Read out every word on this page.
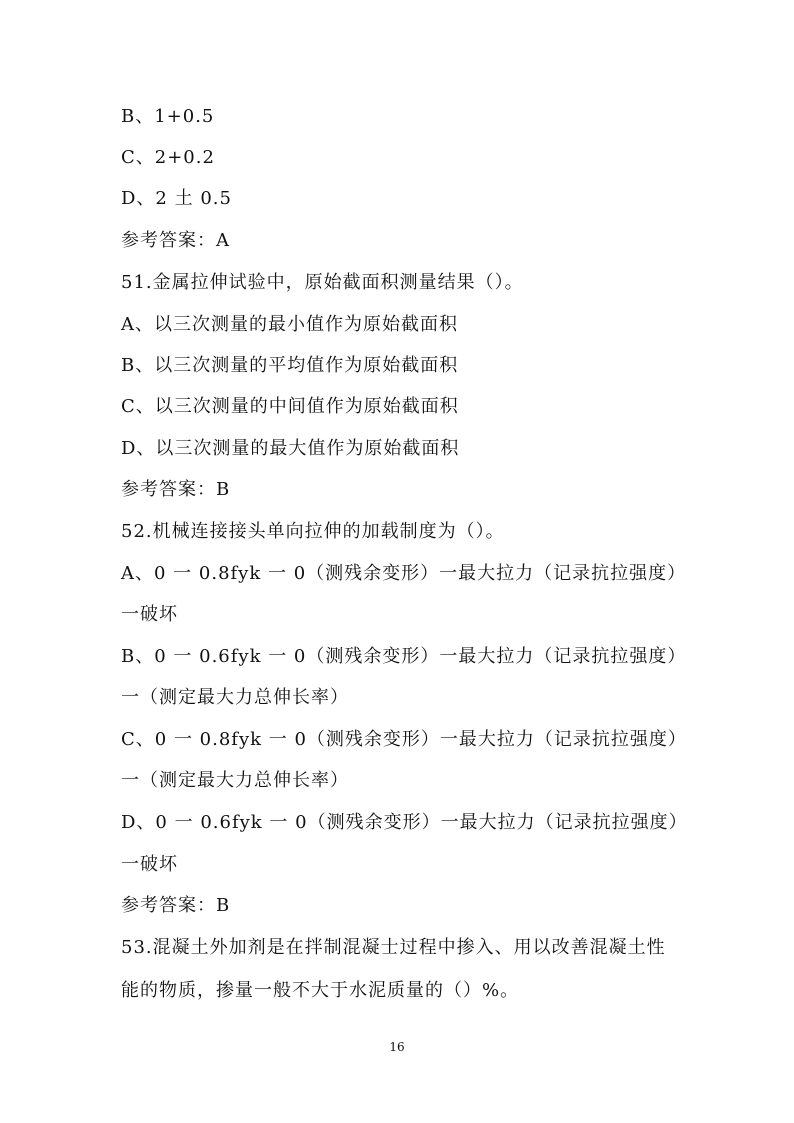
B、1+0.5
C、2+0.2
D、2 土 0.5
参考答案：A
51.金属拉伸试验中，原始截面积测量结果（）。
A、以三次测量的最小值作为原始截面积
B、以三次测量的平均值作为原始截面积
C、以三次测量的中间值作为原始截面积
D、以三次测量的最大值作为原始截面积
参考答案：B
52.机械连接接头单向拉伸的加载制度为（）。
A、0 一 0.8fyk 一 0（测残余变形）一最大拉力（记录抗拉强度）
一破坏
B、0 一 0.6fyk 一 0（测残余变形）一最大拉力（记录抗拉强度）
一（测定最大力总伸长率）
C、0 一 0.8fyk 一 0（测残余变形）一最大拉力（记录抗拉强度）
一（测定最大力总伸长率）
D、0 一 0.6fyk 一 0（测残余变形）一最大拉力（记录抗拉强度）
一破坏
参考答案：B
53.混凝土外加剂是在拌制混凝士过程中掺入、用以改善混凝土性
能的物质，掺量一般不大于水泥质量的（）%。
16
